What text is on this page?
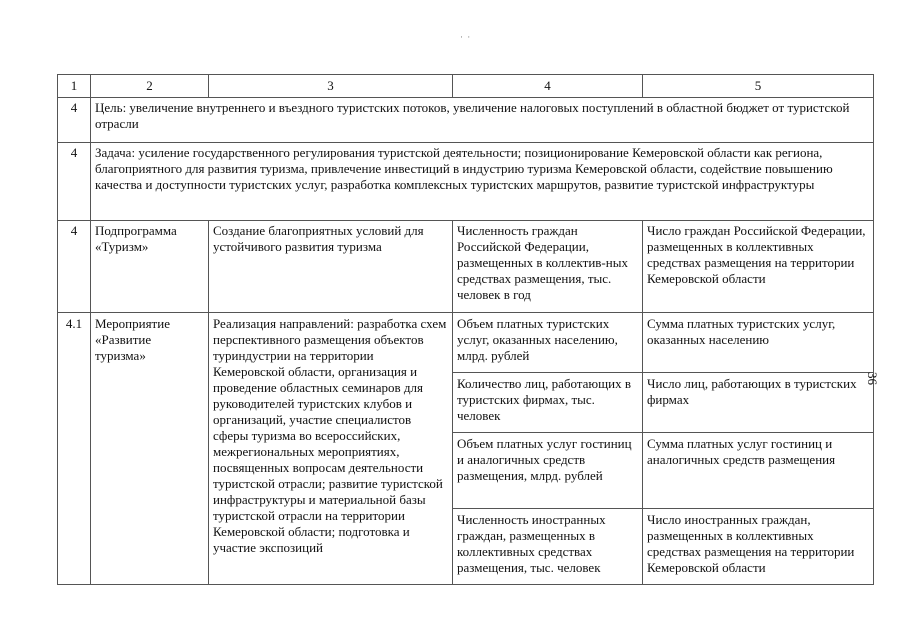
· ·
1	2	3	4	5
4	Цель: увеличение внутреннего и въездного туристских потоков, увеличение налоговых поступлений в областной бюджет от туристской отрасли			
4	Задача: усиление государственного регулирования туристской деятельности; позиционирование Кемеровской области как региона, благоприятного для развития туризма, привлечение инвестиций в индустрию туризма Кемеровской области, содействие повышению качества и доступности туристских услуг, разработка комплексных туристских маршрутов, развитие туристской инфраструктуры			
4	Подпрограмма «Туризм»	Создание благоприятных условий для устойчивого развития туризма	Численность граждан Российской Федерации, размещенных в коллектив-ных средствах размещения, тыс. человек в год	Число граждан Российской Федерации, размещенных в коллективных средствах размещения на территории Кемеровской области
4.1	Мероприятие «Развитие туризма»	Реализация направлений: разработка схем перспективного размещения объектов туриндустрии на территории Кемеровской области, организация и проведение областных семинаров для руководителей туристских клубов и организаций, участие специалистов сферы туризма во всероссийских, межрегиональных мероприятиях, посвященных вопросам деятельности туристской отрасли; развитие туристской инфраструктуры и материальной базы туристской отрасли на территории Кемеровской области; подготовка и участие экспозиций	Объем платных туристских услуг, оказанных населению, млрд. рублей	Сумма платных туристских услуг, оказанных населению
			Количество лиц, работающих в туристских фирмах, тыс. человек	Число лиц, работающих в туристских фирмах
			Объем платных услуг гостиниц и аналогичных средств размещения, млрд. рублей	Сумма платных услуг гостиниц и аналогичных средств размещения
			Численность иностранных граждан, размещенных в коллективных средствах размещения, тыс. человек	Число иностранных граждан, размещенных в коллективных средствах размещения на территории Кемеровской области
36
